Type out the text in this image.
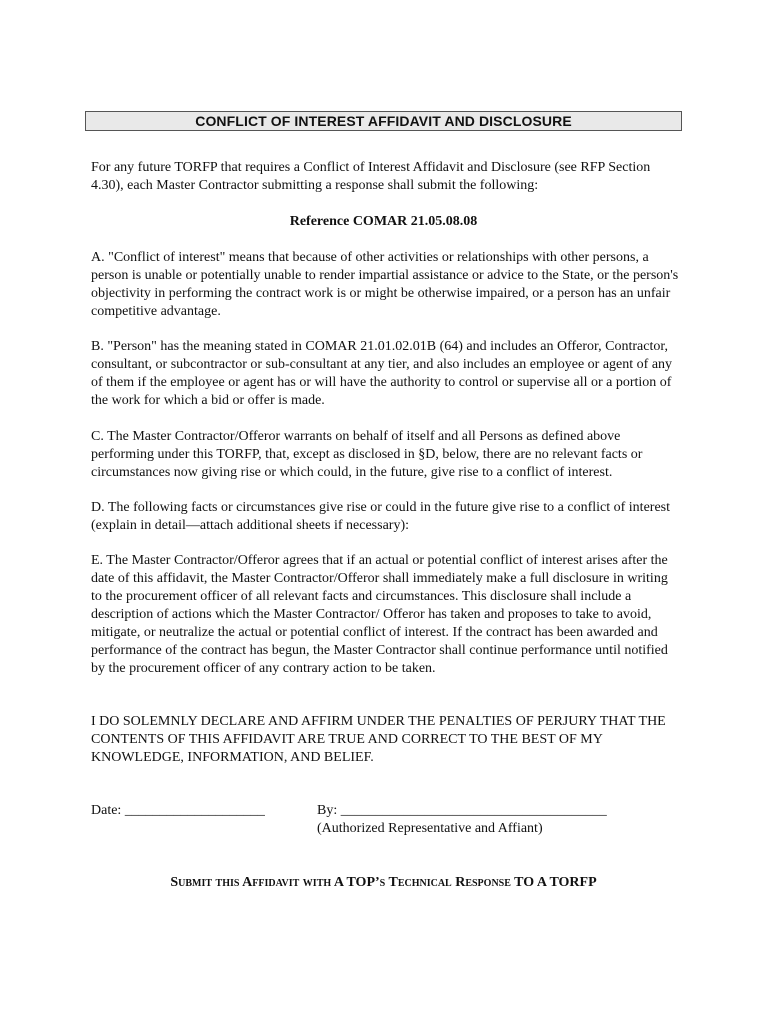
CONFLICT OF INTEREST AFFIDAVIT AND DISCLOSURE

For any future TORFP that requires a Conflict of Interest Affidavit and Disclosure (see RFP Section 4.30), each Master Contractor submitting a response shall submit the following:

Reference COMAR 21.05.08.08

A. "Conflict of interest" means that because of other activities or relationships with other persons, a person is unable or potentially unable to render impartial assistance or advice to the State, or the person's objectivity in performing the contract work is or might be otherwise impaired, or a person has an unfair competitive advantage.

B. "Person" has the meaning stated in COMAR 21.01.02.01B (64) and includes an Offeror, Contractor, consultant, or subcontractor or sub-consultant at any tier, and also includes an employee or agent of any of them if the employee or agent has or will have the authority to control or supervise all or a portion of the work for which a bid or offer is made.

C. The Master Contractor/Offeror warrants on behalf of itself and all Persons as defined above performing under this TORFP, that, except as disclosed in §D, below, there are no relevant facts or circumstances now giving rise or which could, in the future, give rise to a conflict of interest.

D. The following facts or circumstances give rise or could in the future give rise to a conflict of interest (explain in detail—attach additional sheets if necessary):

E. The Master Contractor/Offeror agrees that if an actual or potential conflict of interest arises after the date of this affidavit, the Master Contractor/Offeror shall immediately make a full disclosure in writing to the procurement officer of all relevant facts and circumstances. This disclosure shall include a description of actions which the Master Contractor/ Offeror has taken and proposes to take to avoid, mitigate, or neutralize the actual or potential conflict of interest. If the contract has been awarded and performance of the contract has begun, the Master Contractor shall continue performance until notified by the procurement officer of any contrary action to be taken.

I DO SOLEMNLY DECLARE AND AFFIRM UNDER THE PENALTIES OF PERJURY THAT THE CONTENTS OF THIS AFFIDAVIT ARE TRUE AND CORRECT TO THE BEST OF MY KNOWLEDGE, INFORMATION, AND BELIEF.

Date: ____________________	By: ______________________________________
(Authorized Representative and Affiant)
Submit this Affidavit with A TOP’s Technical Response TO A TORFP
